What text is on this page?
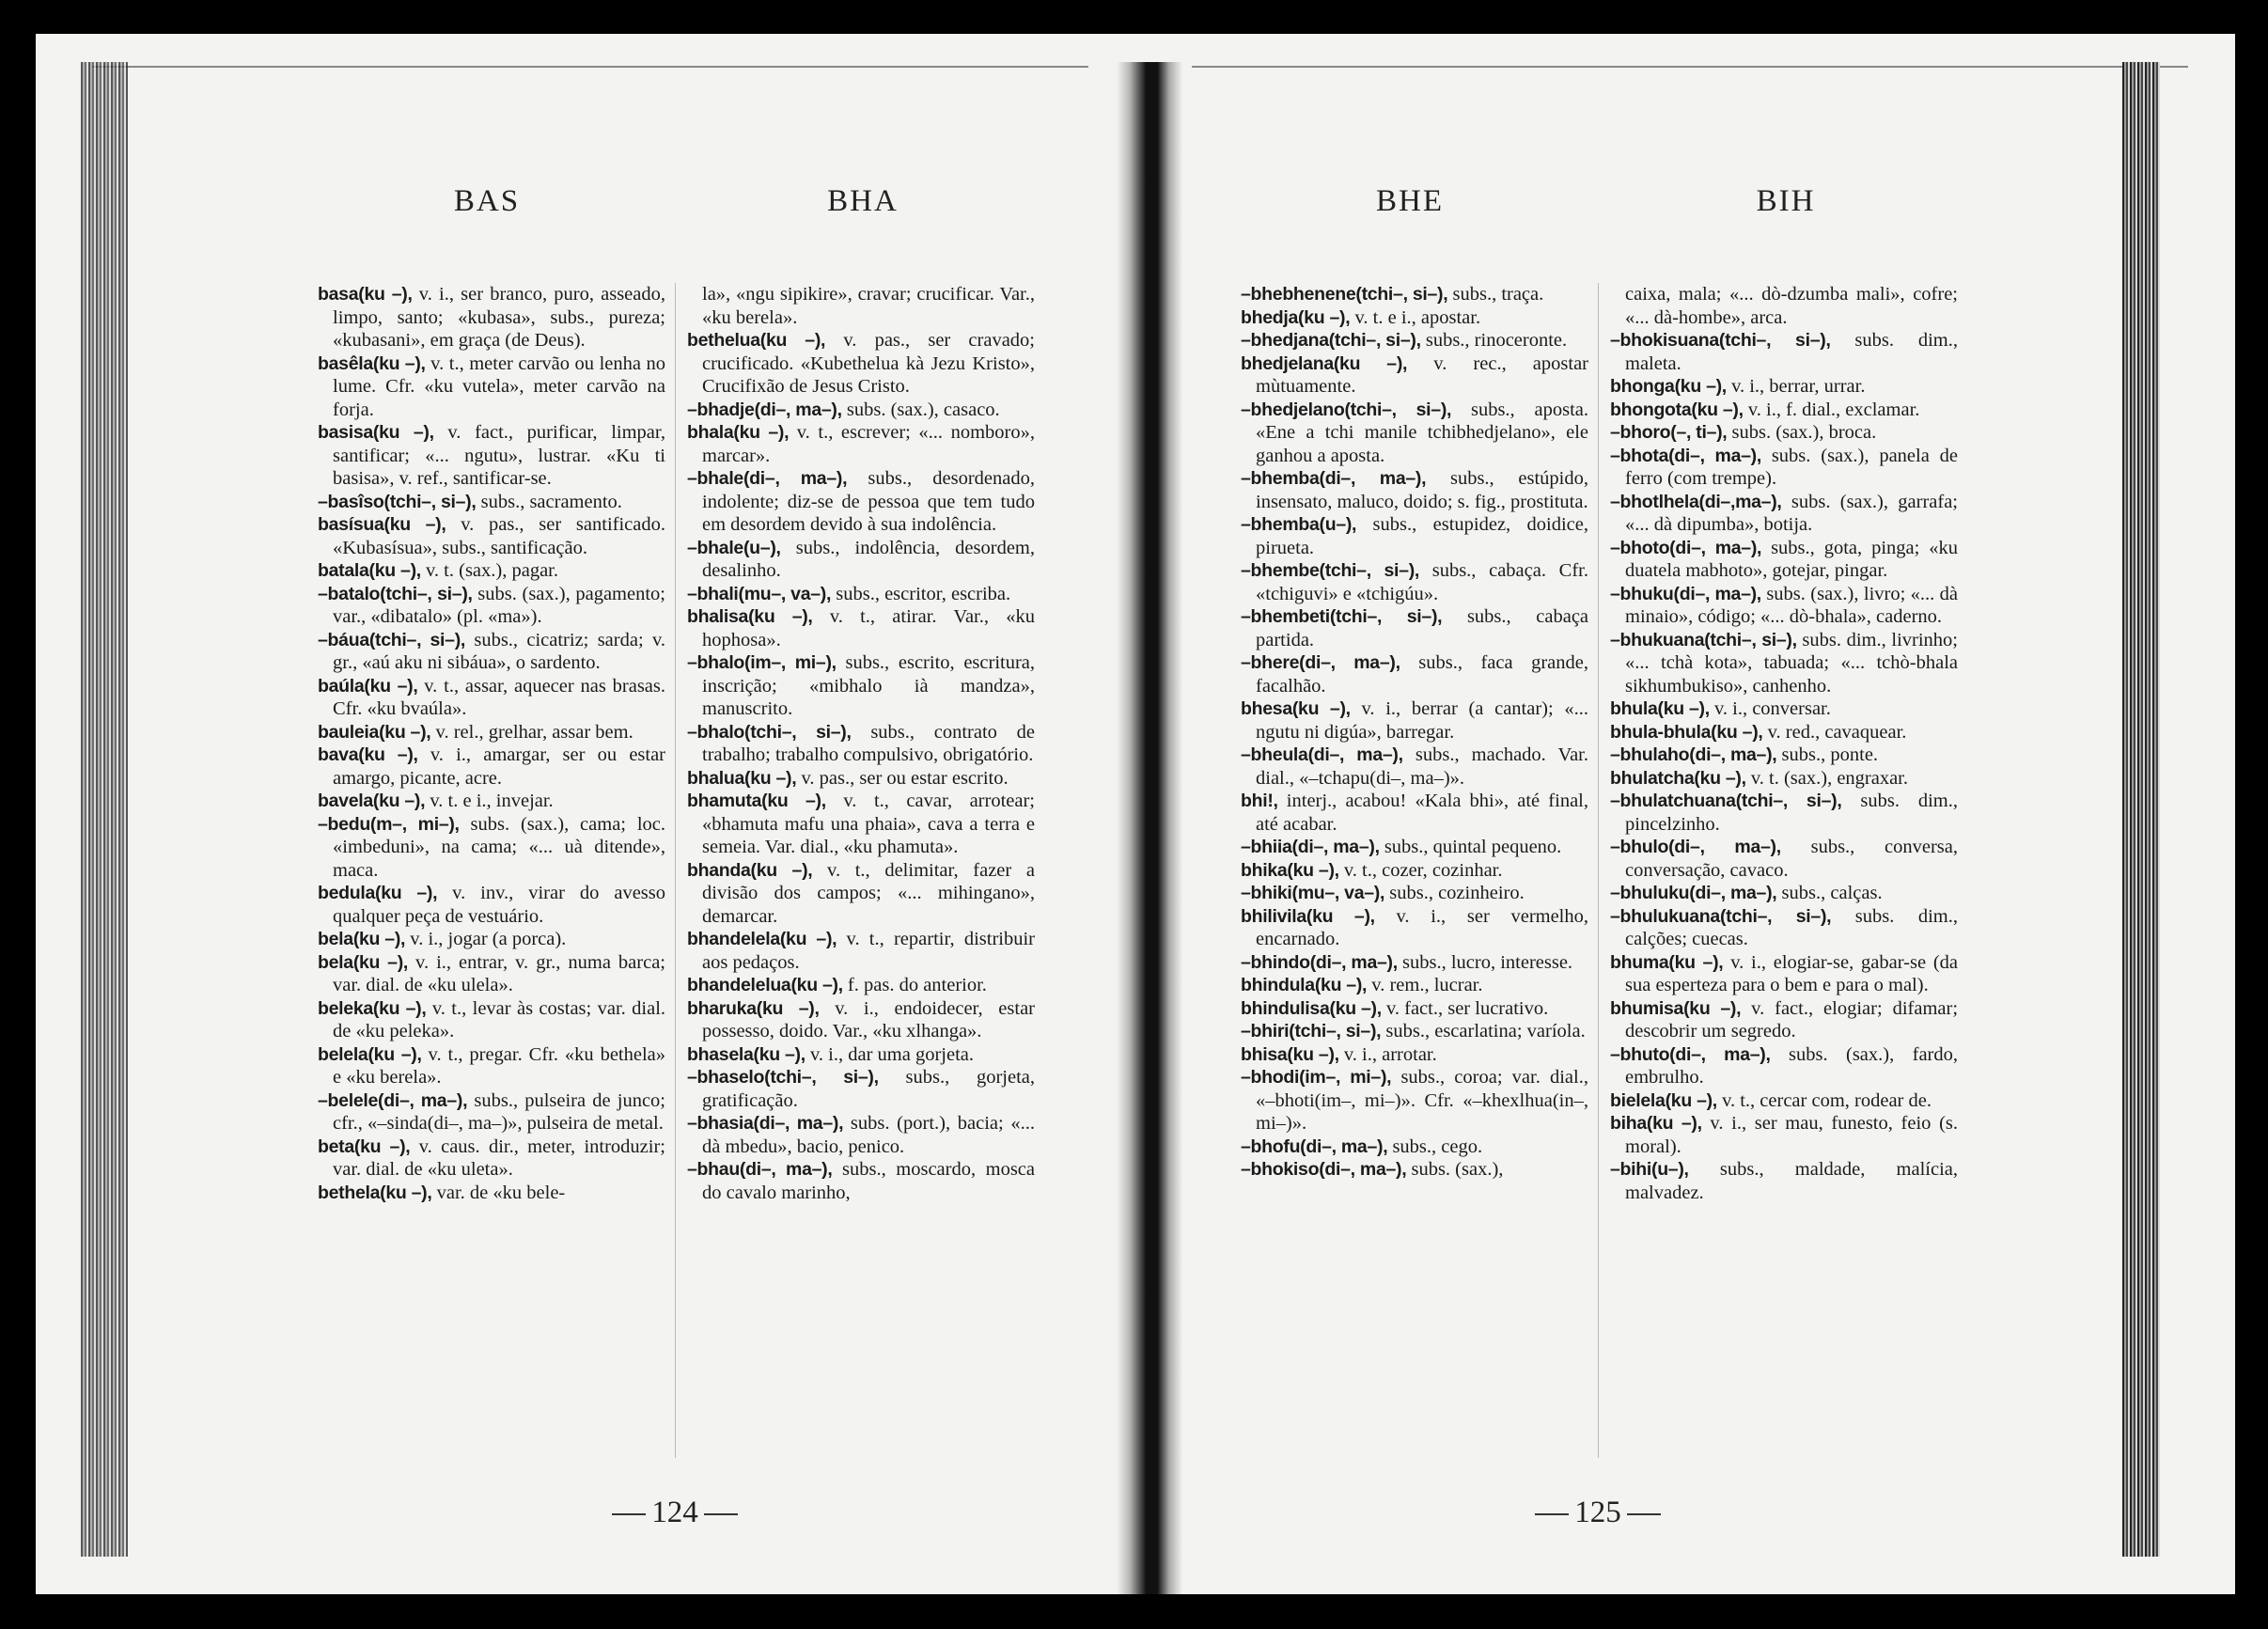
BAS	BHA

basa(ku –), v. i., ser branco, puro, asseado, limpo, santo; «kubasa», subs., pureza; «kubasani», em graça (de Deus).

basêla(ku –), v. t., meter carvão ou lenha no lume. Cfr. «ku vutela», meter carvão na forja.

basisa(ku –), v. fact., purificar, limpar, santificar; «... ngutu», lustrar. «Ku ti basisa», v. ref., santificar-se.

–basîso(tchi–, si–), subs., sacramento.

basísua(ku –), v. pas., ser santificado. «Kubasísua», subs., santificação.

batala(ku –), v. t. (sax.), pagar.

–batalo(tchi–, si–), subs. (sax.), pagamento; var., «dibatalo» (pl. «ma»).

–báua(tchi–, si–), subs., cicatriz; sarda; v. gr., «aú aku ni sibáua», o sardento.

baúla(ku –), v. t., assar, aquecer nas brasas. Cfr. «ku bvaúla».

bauleia(ku –), v. rel., grelhar, assar bem.

bava(ku –), v. i., amargar, ser ou estar amargo, picante, acre.

bavela(ku –), v. t. e i., invejar.

–bedu(m–, mi–), subs. (sax.), cama; loc. «imbeduni», na cama; «... uà ditende», maca.

bedula(ku –), v. inv., virar do avesso qualquer peça de vestuário.

bela(ku –), v. i., jogar (a porca).

bela(ku –), v. i., entrar, v. gr., numa barca; var. dial. de «ku ulela».

beleka(ku –), v. t., levar às costas; var. dial. de «ku peleka».

belela(ku –), v. t., pregar. Cfr. «ku bethela» e «ku berela».

–belele(di–, ma–), subs., pulseira de junco; cfr., «–sinda(di–, ma–)», pulseira de metal.

beta(ku –), v. caus. dir., meter, introduzir; var. dial. de «ku uleta».

bethela(ku –), var. de «ku bele-

la», «ngu sipikire», cravar; crucificar. Var., «ku berela».

bethelua(ku –), v. pas., ser cravado; crucificado. «Kubethelua kà Jezu Kristo», Crucifixão de Jesus Cristo.

–bhadje(di–, ma–), subs. (sax.), casaco.

bhala(ku –), v. t., escrever; «... nomboro», marcar».

–bhale(di–, ma–), subs., desordenado, indolente; diz-se de pessoa que tem tudo em desordem devido à sua indolência.

–bhale(u–), subs., indolência, desordem, desalinho.

–bhali(mu–, va–), subs., escritor, escriba.

bhalisa(ku –), v. t., atirar. Var., «ku hophosa».

–bhalo(im–, mi–), subs., escrito, escritura, inscrição; «mibhalo ià mandza», manuscrito.

–bhalo(tchi–, si–), subs., contrato de trabalho; trabalho compulsivo, obrigatório.

bhalua(ku –), v. pas., ser ou estar escrito.

bhamuta(ku –), v. t., cavar, arrotear; «bhamuta mafu una phaia», cava a terra e semeia. Var. dial., «ku phamuta».

bhanda(ku –), v. t., delimitar, fazer a divisão dos campos; «... mihingano», demarcar.

bhandelela(ku –), v. t., repartir, distribuir aos pedaços.

bhandelelua(ku –), f. pas. do anterior.

bharuka(ku –), v. i., endoidecer, estar possesso, doido. Var., «ku xlhanga».

bhasela(ku –), v. i., dar uma gorjeta.

–bhaselo(tchi–, si–), subs., gorjeta, gratificação.

–bhasia(di–, ma–), subs. (port.), bacia; «... dà mbedu», bacio, penico.

–bhau(di–, ma–), subs., moscardo, mosca do cavalo marinho,

124
BHE	BIH

–bhebhenene(tchi–, si–), subs., traça.

bhedja(ku –), v. t. e i., apostar.

–bhedjana(tchi–, si–), subs., rinoceronte.

bhedjelana(ku –), v. rec., apostar mùtuamente.

–bhedjelano(tchi–, si–), subs., aposta. «Ene a tchi manile tchibhedjelano», ele ganhou a aposta.

–bhemba(di–, ma–), subs., estúpido, insensato, maluco, doido; s. fig., prostituta.

–bhemba(u–), subs., estupidez, doidice, pirueta.

–bhembe(tchi–, si–), subs., cabaça. Cfr. «tchiguvi» e «tchigúu».

–bhembeti(tchi–, si–), subs., cabaça partida.

–bhere(di–, ma–), subs., faca grande, facalhão.

bhesa(ku –), v. i., berrar (a cantar); «... ngutu ni digúa», barregar.

–bheula(di–, ma–), subs., machado. Var. dial., «–tchapu(di–, ma–)».

bhi!, interj., acabou! «Kala bhi», até final, até acabar.

–bhiia(di–, ma–), subs., quintal pequeno.

bhika(ku –), v. t., cozer, cozinhar.

–bhiki(mu–, va–), subs., cozinheiro.

bhilivila(ku –), v. i., ser vermelho, encarnado.

–bhindo(di–, ma–), subs., lucro, interesse.

bhindula(ku –), v. rem., lucrar.

bhindulisa(ku –), v. fact., ser lucrativo.

–bhiri(tchi–, si–), subs., escarlatina; varíola.

bhisa(ku –), v. i., arrotar.

–bhodi(im–, mi–), subs., coroa; var. dial., «–bhoti(im–, mi–)». Cfr. «–khexlhua(in–, mi–)».

–bhofu(di–, ma–), subs., cego.

–bhokiso(di–, ma–), subs. (sax.),

caixa, mala; «... dò-dzumba mali», cofre; «... dà-hombe», arca.

–bhokisuana(tchi–, si–), subs. dim., maleta.

bhonga(ku –), v. i., berrar, urrar.

bhongota(ku –), v. i., f. dial., exclamar.

–bhoro(–, ti–), subs. (sax.), broca.

–bhota(di–, ma–), subs. (sax.), panela de ferro (com trempe).

–bhotlhela(di–,ma–), subs. (sax.), garrafa; «... dà dipumba», botija.

–bhoto(di–, ma–), subs., gota, pinga; «ku duatela mabhoto», gotejar, pingar.

–bhuku(di–, ma–), subs. (sax.), livro; «... dà minaio», código; «... dò-bhala», caderno.

–bhukuana(tchi–, si–), subs. dim., livrinho; «... tchà kota», tabuada; «... tchò-bhala sikhumbukiso», canhenho.

bhula(ku –), v. i., conversar.

bhula-bhula(ku –), v. red., cavaquear.

–bhulaho(di–, ma–), subs., ponte.

bhulatcha(ku –), v. t. (sax.), engraxar.

–bhulatchuana(tchi–, si–), subs. dim., pincelzinho.

–bhulo(di–, ma–), subs., conversa, conversação, cavaco.

–bhuluku(di–, ma–), subs., calças.

–bhulukuana(tchi–, si–), subs. dim., calções; cuecas.

bhuma(ku –), v. i., elogiar-se, gabar-se (da sua esperteza para o bem e para o mal).

bhumisa(ku –), v. fact., elogiar; difamar; descobrir um segredo.

–bhuto(di–, ma–), subs. (sax.), fardo, embrulho.

bielela(ku –), v. t., cercar com, rodear de.

biha(ku –), v. i., ser mau, funesto, feio (s. moral).

–bihi(u–), subs., maldade, malícia, malvadez.

125
